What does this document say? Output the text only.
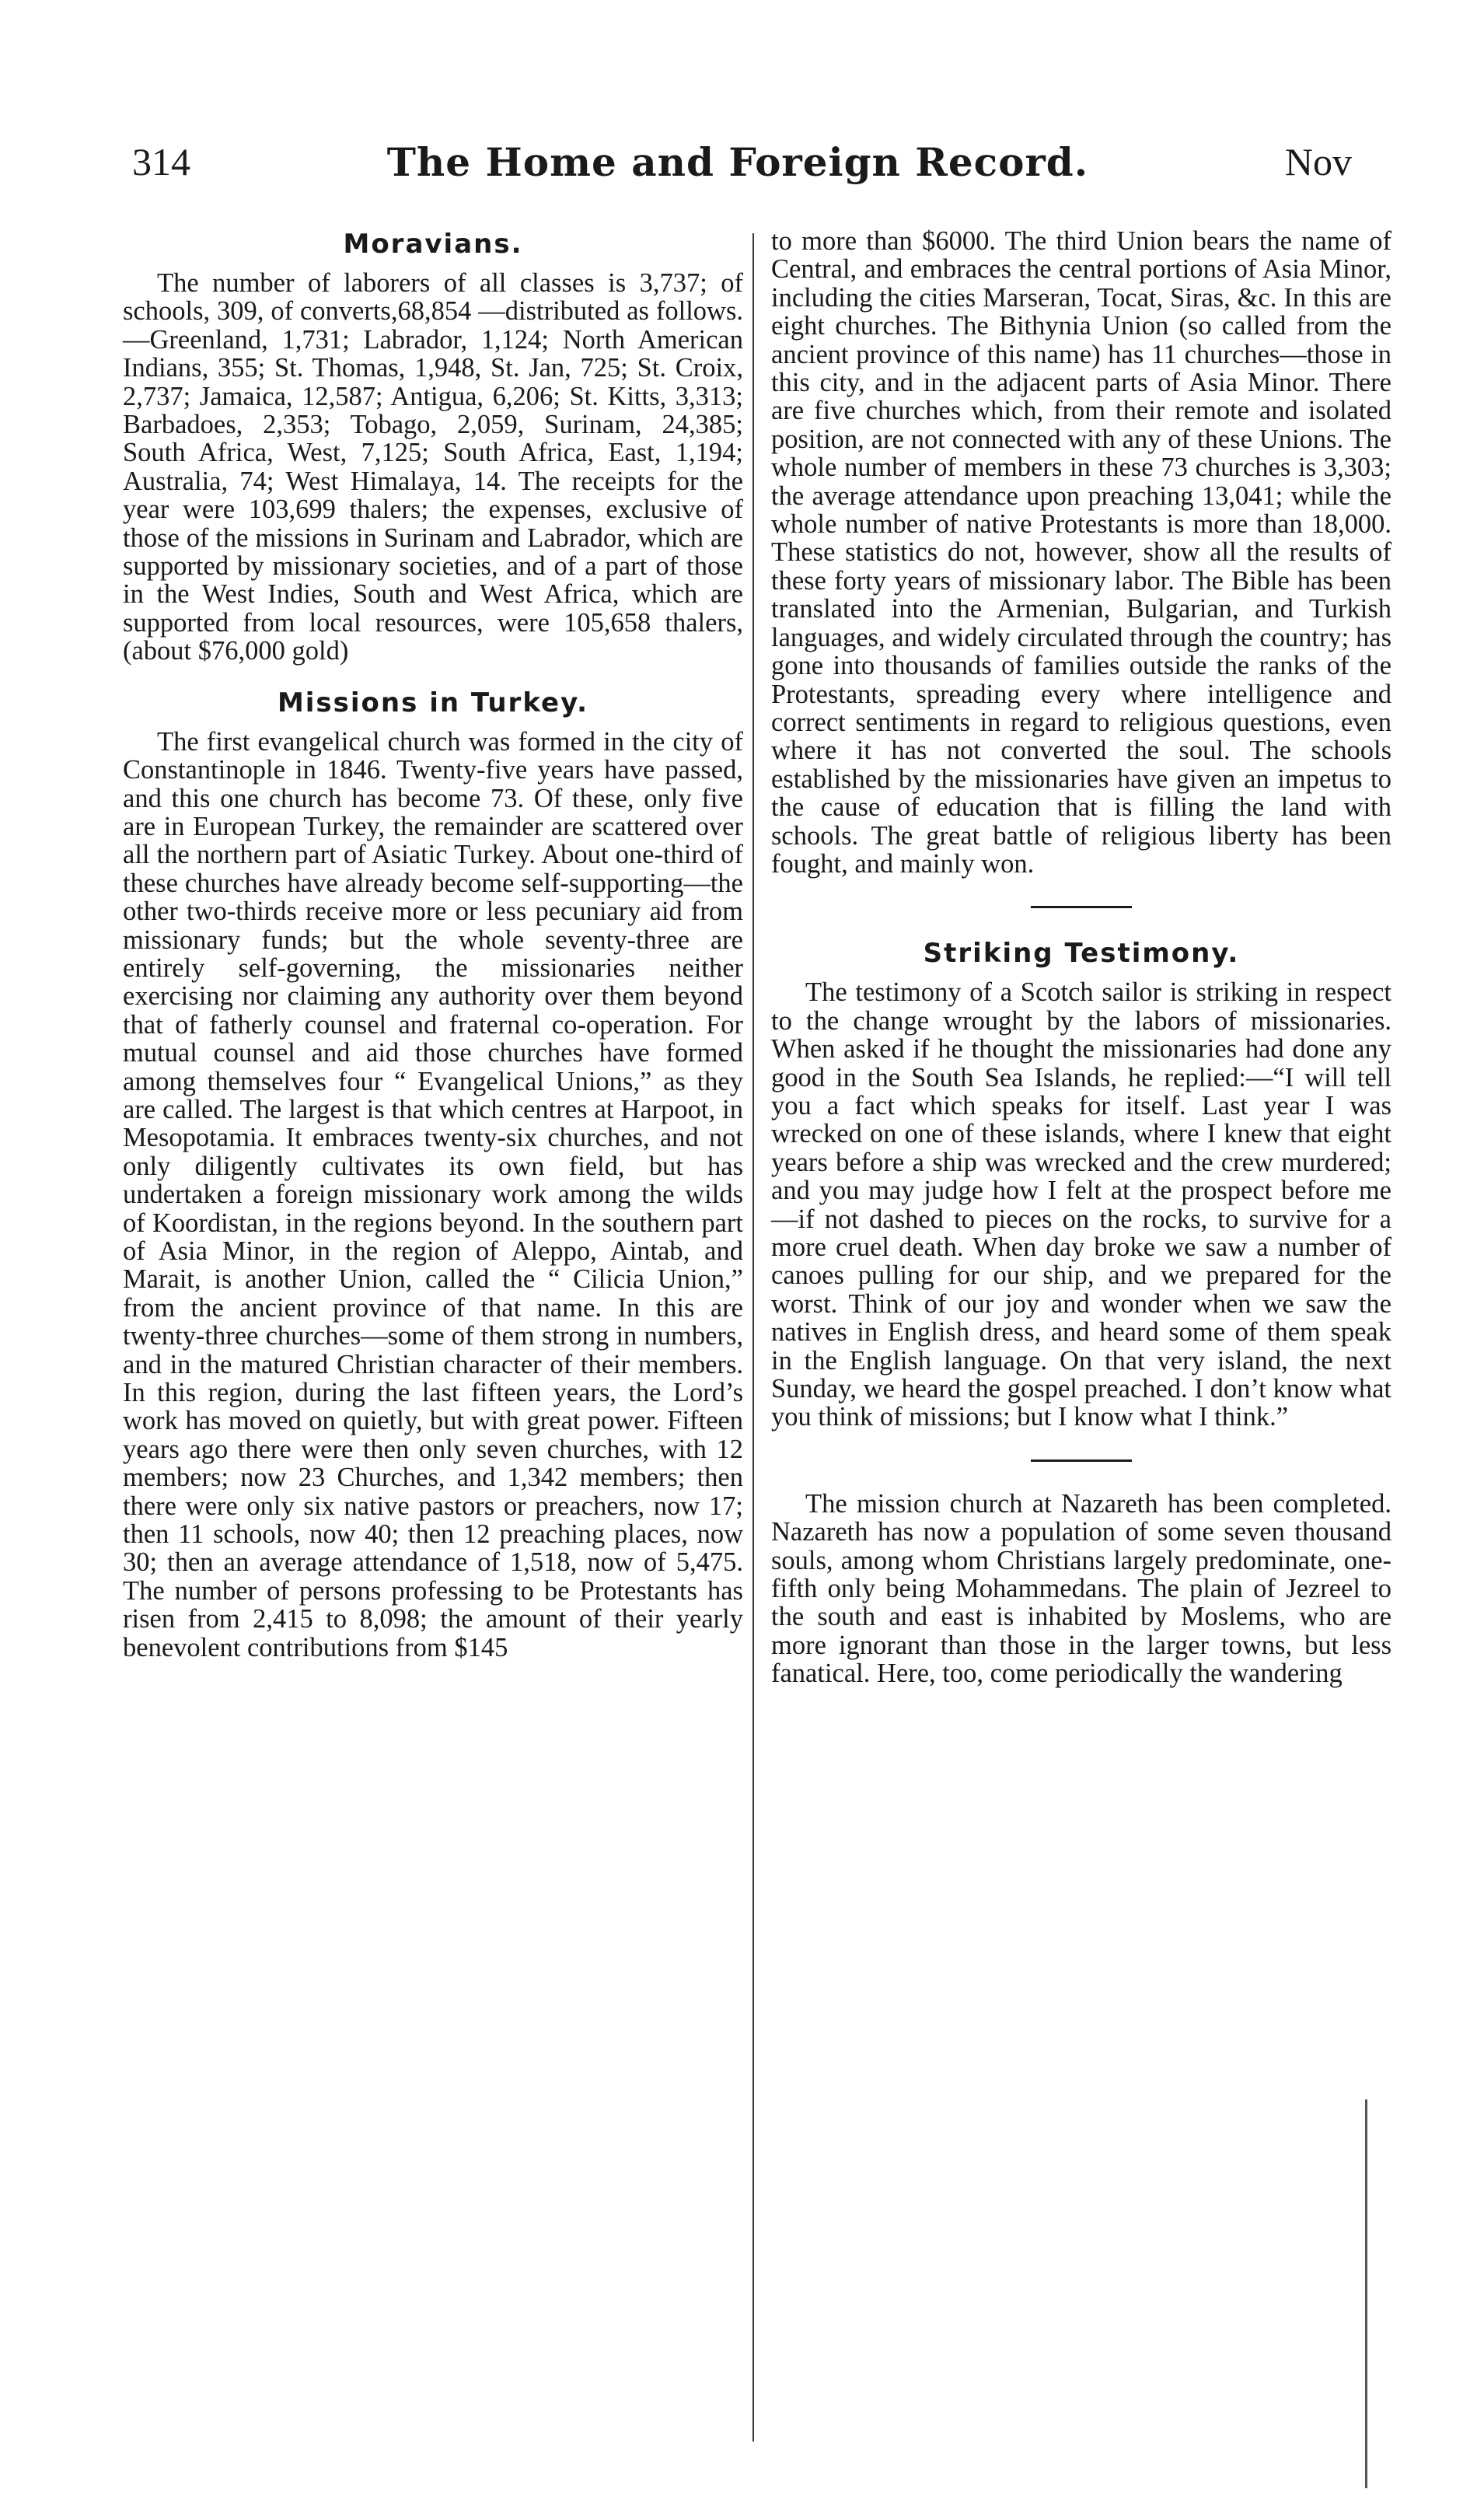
314	The Home and Foreign Record.	Nov
Moravians.

The number of laborers of all classes is 3,737; of schools, 309, of converts,68,854 —distributed as follows.—Greenland, 1,731; Labrador, 1,124; North American Indians, 355; St. Thomas, 1,948, St. Jan, 725; St. Croix, 2,737; Jamaica, 12,587; Antigua, 6,206; St. Kitts, 3,313; Barbadoes, 2,353; Tobago, 2,059, Surinam, 24,385; South Africa, West, 7,125; South Africa, East, 1,194; Australia, 74; West Himalaya, 14. The receipts for the year were 103,699 thalers; the expenses, exclusive of those of the missions in Surinam and Labrador, which are supported by missionary societies, and of a part of those in the West Indies, South and West Africa, which are supported from local resources, were 105,658 thalers, (about $76,000 gold)

Missions in Turkey.

The first evangelical church was formed in the city of Constantinople in 1846. Twenty-five years have passed, and this one church has become 73. Of these, only five are in European Turkey, the remainder are scattered over all the northern part of Asiatic Turkey. About one-third of these churches have already become self-supporting—the other two-thirds receive more or less pecuniary aid from missionary funds; but the whole seventy-three are entirely self-governing, the missionaries neither exercising nor claiming any authority over them beyond that of fatherly counsel and fraternal co-operation. For mutual counsel and aid those churches have formed among themselves four “ Evangelical Unions,” as they are called. The largest is that which centres at Harpoot, in Mesopotamia. It embraces twenty-six churches, and not only diligently cultivates its own field, but has undertaken a foreign missionary work among the wilds of Koordistan, in the regions beyond. In the southern part of Asia Minor, in the region of Aleppo, Aintab, and Marait, is another Union, called the “ Cilicia Union,” from the ancient province of that name. In this are twenty-three churches—some of them strong in numbers, and in the matured Christian character of their members. In this region, during the last fifteen years, the Lord’s work has moved on quietly, but with great power. Fifteen years ago there were then only seven churches, with 12 members; now 23 Churches, and 1,342 members; then there were only six native pastors or preachers, now 17; then 11 schools, now 40; then 12 preaching places, now 30; then an average attendance of 1,518, now of 5,475. The number of persons professing to be Protestants has risen from 2,415 to 8,098; the amount of their yearly benevolent contributions from $145

to more than $6000. The third Union bears the name of Central, and embraces the central portions of Asia Minor, including the cities Marseran, Tocat, Siras, &c. In this are eight churches. The Bithynia Union (so called from the ancient province of this name) has 11 churches—those in this city, and in the adjacent parts of Asia Minor. There are five churches which, from their remote and isolated position, are not connected with any of these Unions. The whole number of members in these 73 churches is 3,303; the average attendance upon preaching 13,041; while the whole number of native Protestants is more than 18,000. These statistics do not, however, show all the results of these forty years of missionary labor. The Bible has been translated into the Armenian, Bulgarian, and Turkish languages, and widely circulated through the country; has gone into thousands of families outside the ranks of the Protestants, spreading every where intelligence and correct sentiments in regard to religious questions, even where it has not converted the soul. The schools established by the missionaries have given an impetus to the cause of education that is filling the land with schools. The great battle of religious liberty has been fought, and mainly won.

Striking Testimony.

The testimony of a Scotch sailor is striking in respect to the change wrought by the labors of missionaries. When asked if he thought the missionaries had done any good in the South Sea Islands, he replied:—“I will tell you a fact which speaks for itself. Last year I was wrecked on one of these islands, where I knew that eight years before a ship was wrecked and the crew murdered; and you may judge how I felt at the prospect before me—if not dashed to pieces on the rocks, to survive for a more cruel death. When day broke we saw a number of canoes pulling for our ship, and we prepared for the worst. Think of our joy and wonder when we saw the natives in English dress, and heard some of them speak in the English language. On that very island, the next Sunday, we heard the gospel preached. I don’t know what you think of missions; but I know what I think.”

The mission church at Nazareth has been completed. Nazareth has now a population of some seven thousand souls, among whom Christians largely predominate, one-fifth only being Mohammedans. The plain of Jezreel to the south and east is inhabited by Moslems, who are more ignorant than those in the larger towns, but less fanatical. Here, too, come periodically the wandering
